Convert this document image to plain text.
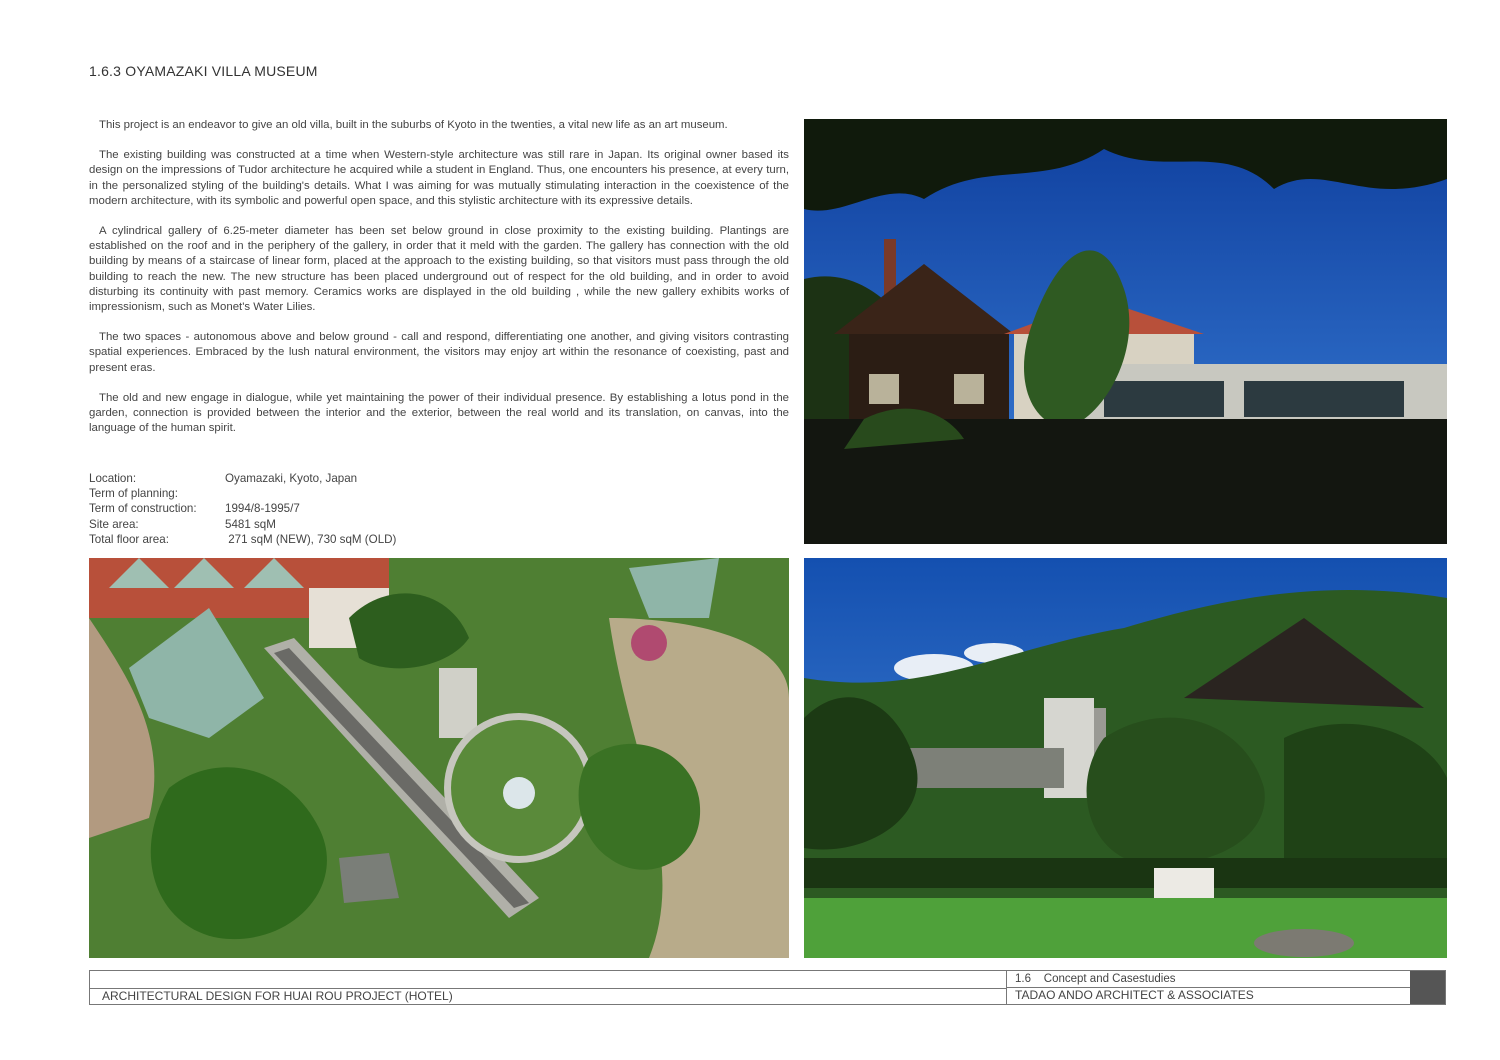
1.6.3 OYAMAZAKI VILLA MUSEUM

This project is an endeavor to give an old villa, built in the suburbs of Kyoto in the twenties, a vital new life as an art museum.

The existing building was constructed at a time when Western-style architecture was still rare in Japan. Its original owner based its design on the impressions of Tudor architecture he acquired while a student in England. Thus, one encounters his presence, at every turn, in the personalized styling of the building's details. What I was aiming for was mutually stimulating interaction in the coexistence of the modern architecture, with its symbolic and powerful open space, and this stylistic architecture with its expressive details.

A cylindrical gallery of 6.25-meter diameter has been set below ground in close proximity to the existing building. Plantings are established on the roof and in the periphery of the gallery, in order that it meld with the garden. The gallery has connection with the old building by means of a staircase of linear form, placed at the approach to the existing building, so that visitors must pass through the old building to reach the new. The new structure has been placed underground out of respect for the old building, and in order to avoid disturbing its continuity with past memory. Ceramics works are displayed in the old building , while the new gallery exhibits works of impressionism, such as Monet's Water Lilies.

The two spaces - autonomous above and below ground - call and respond, differentiating one another, and giving visitors contrasting spatial experiences. Embraced by the lush natural environment, the visitors may enjoy art within the resonance of coexisting, past and present eras.

The old and new engage in dialogue, while yet maintaining the power of their individual presence. By establishing a lotus pond in the garden, connection is provided between the interior and the exterior, between the real world and its translation, on canvas, into the language of the human spirit.

Location:	Oyamazaki, Kyoto, Japan
Term of planning:
Term of construction:	1994/8-1995/7
Site area:	5481 sqM
Total floor area:	271 sqM (NEW), 730 sqM (OLD)
ARCHITECTURAL DESIGN FOR HUAI ROU PROJECT (HOTEL)
1.6    Concept and Casestudies
TADAO ANDO ARCHITECT & ASSOCIATES
